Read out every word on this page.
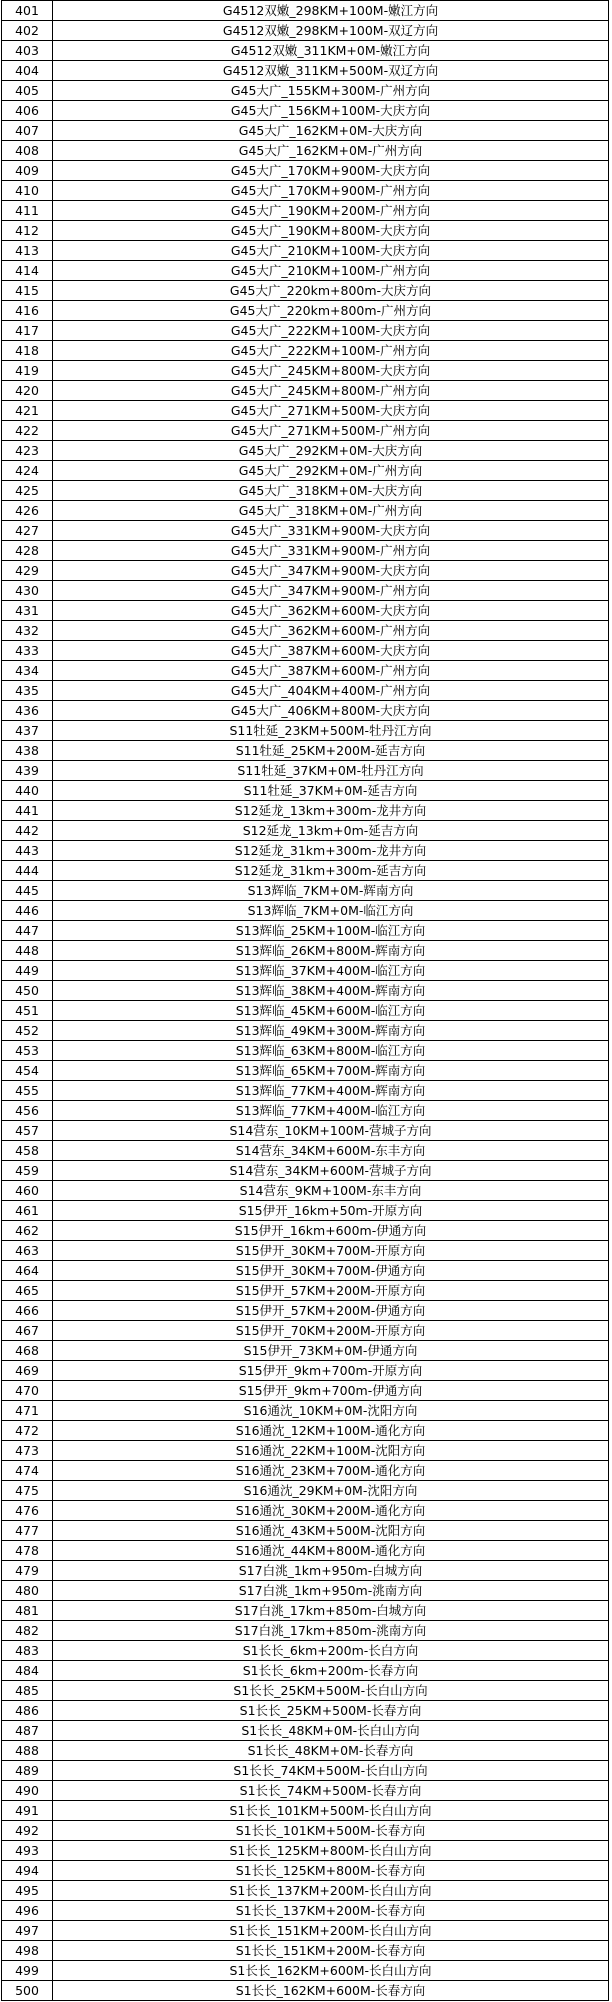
401	G4512双嫩_298KM+100M-嫩江方向
402	G4512双嫩_298KM+100M-双辽方向
403	G4512双嫩_311KM+0M-嫩江方向
404	G4512双嫩_311KM+500M-双辽方向
405	G45大广_155KM+300M-广州方向
406	G45大广_156KM+100M-大庆方向
407	G45大广_162KM+0M-大庆方向
408	G45大广_162KM+0M-广州方向
409	G45大广_170KM+900M-大庆方向
410	G45大广_170KM+900M-广州方向
411	G45大广_190KM+200M-广州方向
412	G45大广_190KM+800M-大庆方向
413	G45大广_210KM+100M-大庆方向
414	G45大广_210KM+100M-广州方向
415	G45大广_220km+800m-大庆方向
416	G45大广_220km+800m-广州方向
417	G45大广_222KM+100M-大庆方向
418	G45大广_222KM+100M-广州方向
419	G45大广_245KM+800M-大庆方向
420	G45大广_245KM+800M-广州方向
421	G45大广_271KM+500M-大庆方向
422	G45大广_271KM+500M-广州方向
423	G45大广_292KM+0M-大庆方向
424	G45大广_292KM+0M-广州方向
425	G45大广_318KM+0M-大庆方向
426	G45大广_318KM+0M-广州方向
427	G45大广_331KM+900M-大庆方向
428	G45大广_331KM+900M-广州方向
429	G45大广_347KM+900M-大庆方向
430	G45大广_347KM+900M-广州方向
431	G45大广_362KM+600M-大庆方向
432	G45大广_362KM+600M-广州方向
433	G45大广_387KM+600M-大庆方向
434	G45大广_387KM+600M-广州方向
435	G45大广_404KM+400M-广州方向
436	G45大广_406KM+800M-大庆方向
437	S11牡延_23KM+500M-牡丹江方向
438	S11牡延_25KM+200M-延吉方向
439	S11牡延_37KM+0M-牡丹江方向
440	S11牡延_37KM+0M-延吉方向
441	S12延龙_13km+300m-龙井方向
442	S12延龙_13km+0m-延吉方向
443	S12延龙_31km+300m-龙井方向
444	S12延龙_31km+300m-延吉方向
445	S13辉临_7KM+0M-辉南方向
446	S13辉临_7KM+0M-临江方向
447	S13辉临_25KM+100M-临江方向
448	S13辉临_26KM+800M-辉南方向
449	S13辉临_37KM+400M-临江方向
450	S13辉临_38KM+400M-辉南方向
451	S13辉临_45KM+600M-临江方向
452	S13辉临_49KM+300M-辉南方向
453	S13辉临_63KM+800M-临江方向
454	S13辉临_65KM+700M-辉南方向
455	S13辉临_77KM+400M-辉南方向
456	S13辉临_77KM+400M-临江方向
457	S14营东_10KM+100M-营城子方向
458	S14营东_34KM+600M-东丰方向
459	S14营东_34KM+600M-营城子方向
460	S14营东_9KM+100M-东丰方向
461	S15伊开_16km+50m-开原方向
462	S15伊开_16km+600m-伊通方向
463	S15伊开_30KM+700M-开原方向
464	S15伊开_30KM+700M-伊通方向
465	S15伊开_57KM+200M-开原方向
466	S15伊开_57KM+200M-伊通方向
467	S15伊开_70KM+200M-开原方向
468	S15伊开_73KM+0M-伊通方向
469	S15伊开_9km+700m-开原方向
470	S15伊开_9km+700m-伊通方向
471	S16通沈_10KM+0M-沈阳方向
472	S16通沈_12KM+100M-通化方向
473	S16通沈_22KM+100M-沈阳方向
474	S16通沈_23KM+700M-通化方向
475	S16通沈_29KM+0M-沈阳方向
476	S16通沈_30KM+200M-通化方向
477	S16通沈_43KM+500M-沈阳方向
478	S16通沈_44KM+800M-通化方向
479	S17白洮_1km+950m-白城方向
480	S17白洮_1km+950m-洮南方向
481	S17白洮_17km+850m-白城方向
482	S17白洮_17km+850m-洮南方向
483	S1长长_6km+200m-长白方向
484	S1长长_6km+200m-长春方向
485	S1长长_25KM+500M-长白山方向
486	S1长长_25KM+500M-长春方向
487	S1长长_48KM+0M-长白山方向
488	S1长长_48KM+0M-长春方向
489	S1长长_74KM+500M-长白山方向
490	S1长长_74KM+500M-长春方向
491	S1长长_101KM+500M-长白山方向
492	S1长长_101KM+500M-长春方向
493	S1长长_125KM+800M-长白山方向
494	S1长长_125KM+800M-长春方向
495	S1长长_137KM+200M-长白山方向
496	S1长长_137KM+200M-长春方向
497	S1长长_151KM+200M-长白山方向
498	S1长长_151KM+200M-长春方向
499	S1长长_162KM+600M-长白山方向
500	S1长长_162KM+600M-长春方向
